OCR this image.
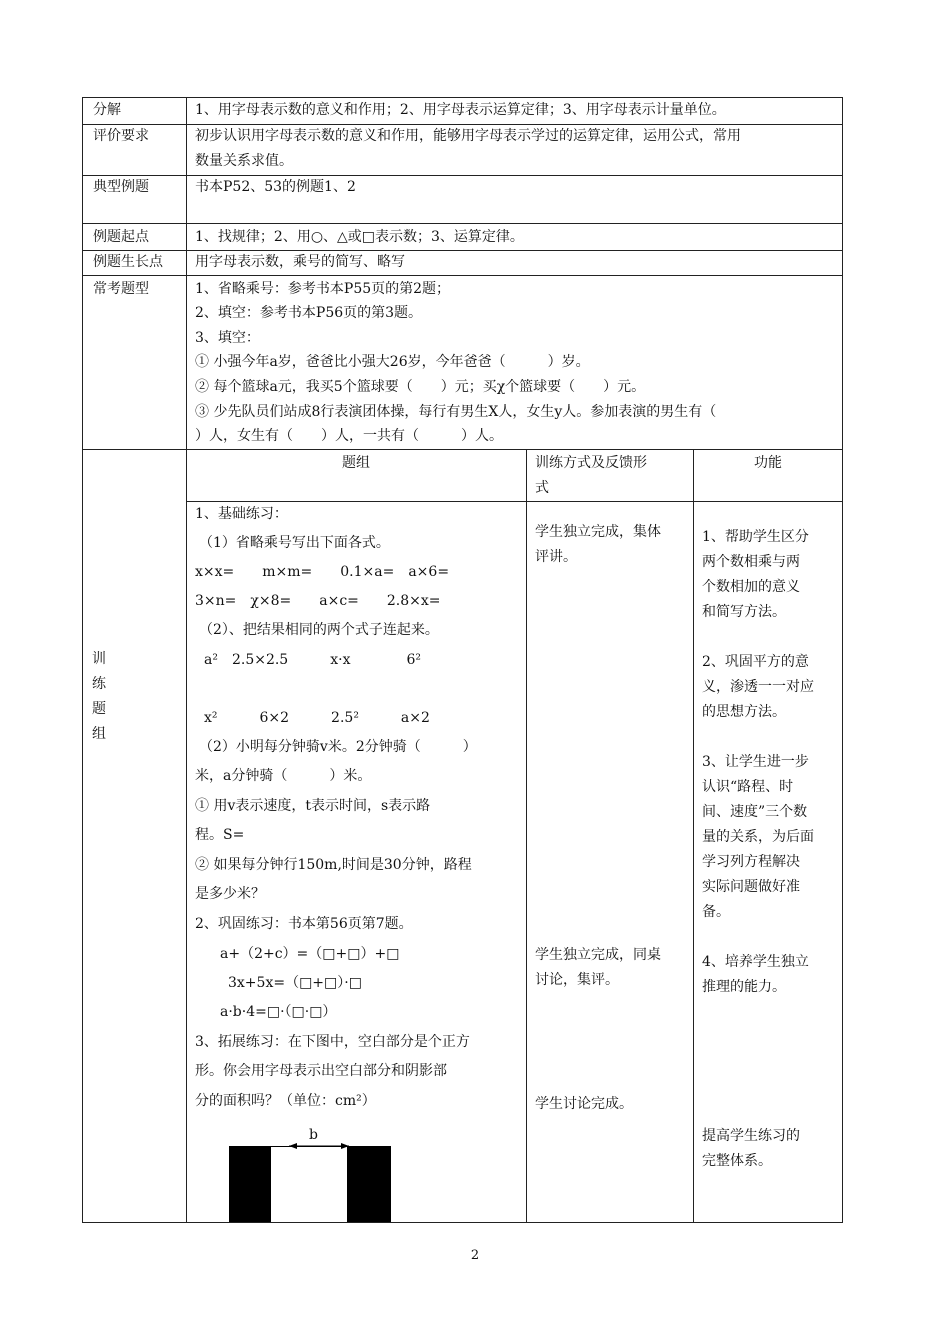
分解
评价要求
典型例题
例题起点
例题生长点
常考题型
1、用字母表示数的意义和作用；2、用字母表示运算定律；3、用字母表示计量单位。
初步认识用字母表示数的意义和作用，能够用字母表示学过的运算定律，运用公式，常用
数量关系求值。
书本P52、53的例题1、2
1、找规律；2、用○、△或□表示数；3、运算定律。
用字母表示数，乘号的简写、略写
1、省略乘号：参考书本P55页的第2题；
2、填空：参考书本P56页的第3题。
3、填空：
① 小强今年a岁，爸爸比小强大26岁，今年爸爸（　　　）岁。
② 每个篮球a元，我买5个篮球要（　　）元；买χ个篮球要（　　）元。
③ 少先队员们站成8行表演团体操，每行有男生X人，女生y人。参加表演的男生有（
）人，女生有（　　）人，一共有（　　　）人。
训
练
题
组
题组	训练方式及反馈形
式
功能
1、基础练习：
（1）省略乘号写出下面各式。
x×x=　　m×m=　　0.1×a=　a×6=
3×n=　χ×8=　　a×c=　　2.8×x=
（2）、把结果相同的两个式子连起来。
a²　2.5×2.5　　　x·x　　　　6²
x²　　　6×2　　　2.5²　　　a×2
（2）小明每分钟骑v米。2分钟骑（　　　）
米，a分钟骑（　　　）米。
① 用v表示速度，t表示时间，s表示路
程。S=
② 如果每分钟行150m,时间是30分钟，路程
是多少米？
2、巩固练习：书本第56页第7题。
a+（2+c）=（□+□）+□
3x+5x=（□+□）·□
a·b·4=□·（□·□）
3、拓展练习：在下图中，空白部分是个正方
形。你会用字母表示出空白部分和阴影部
分的面积吗？（单位：cm²）
b
学生独立完成，集体
评讲。
学生独立完成，同桌
讨论，集评。
学生讨论完成。
1、帮助学生区分
两个数相乘与两
个数相加的意义
和简写方法。
2、巩固平方的意
义，渗透一一对应
的思想方法。
3、让学生进一步
认识“路程、时
间、速度”三个数
量的关系，为后面
学习列方程解决
实际问题做好准
备。
4、培养学生独立
推理的能力。
提高学生练习的
完整体系。
2
